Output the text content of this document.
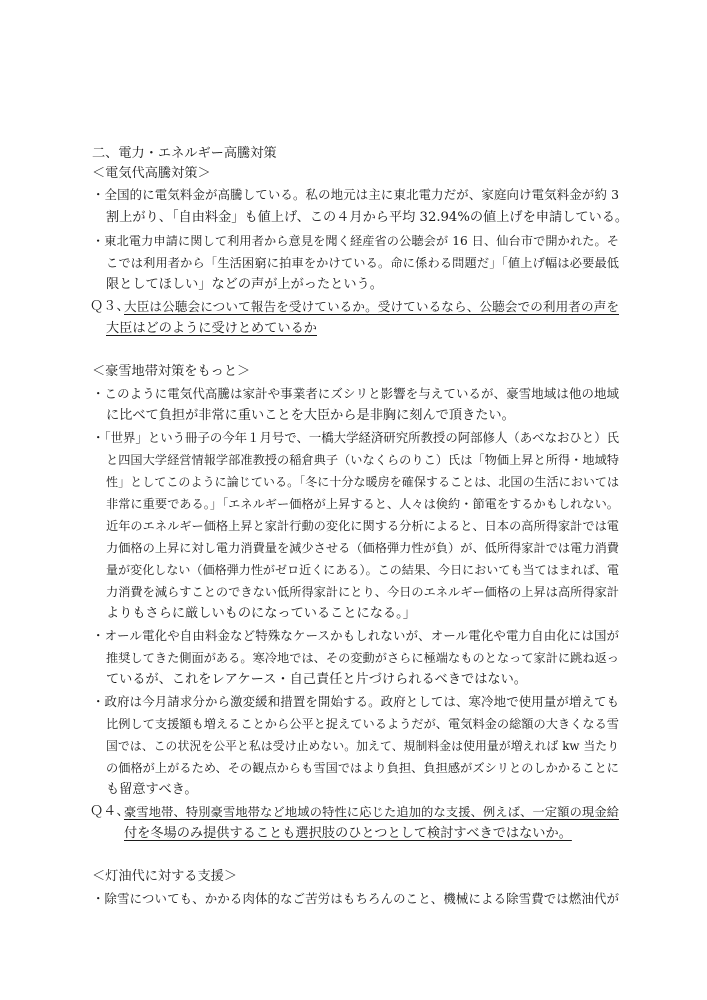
二、電力・エネルギー高騰対策
＜電気代高騰対策＞
・全国的に電気料金が高騰している。私の地元は主に東北電力だが、家庭向け電気料金が約 3
割上がり、「自由料金」も値上げ、この４月から平均 32.94%の値上げを申請している。
・東北電力申請に関して利用者から意見を聞く経産省の公聴会が 16 日、仙台市で開かれた。そ
こでは利用者から「生活困窮に拍車をかけている。命に係わる問題だ」「値上げ幅は必要最低
限としてほしい」などの声が上がったという。
Ｑ３、
大臣は公聴会について報告を受けているか。受けているなら、公聴会での利用者の声を
大臣はどのように受けとめているか
＜豪雪地帯対策をもっと＞
・このように電気代高騰は家計や事業者にズシリと影響を与えているが、豪雪地域は他の地域
に比べて負担が非常に重いことを大臣から是非胸に刻んで頂きたい。
・「世界」という冊子の今年１月号で、一橋大学経済研究所教授の阿部修人（あべなおひと）氏
と四国大学経営情報学部准教授の稲倉典子（いなくらのりこ）氏は「物価上昇と所得・地域特
性」としてこのように論じている。「冬に十分な暖房を確保することは、北国の生活においては
非常に重要である。」「エネルギー価格が上昇すると、人々は倹約・節電をするかもしれない。
近年のエネルギー価格上昇と家計行動の変化に関する分析によると、日本の高所得家計では電
力価格の上昇に対し電力消費量を減少させる（価格弾力性が負）が、低所得家計では電力消費
量が変化しない（価格弾力性がゼロ近くにある）。この結果、今日においても当てはまれば、電
力消費を減らすことのできない低所得家計にとり、今日のエネルギー価格の上昇は高所得家計
よりもさらに厳しいものになっていることになる。」
・オール電化や自由料金など特殊なケースかもしれないが、オール電化や電力自由化には国が
推奨してきた側面がある。寒冷地では、その変動がさらに極端なものとなって家計に跳ね返っ
ているが、これをレアケース・自己責任と片づけられるべきではない。
・政府は今月請求分から激変緩和措置を開始する。政府としては、寒冷地で使用量が増えても
比例して支援額も増えることから公平と捉えているようだが、電気料金の総額の大きくなる雪
国では、この状況を公平と私は受け止めない。加えて、規制料金は使用量が増えれば kw 当たり
の価格が上がるため、その観点からも雪国ではより負担、負担感がズシリとのしかかることに
も留意すべき。
Ｑ４、
豪雪地帯、特別豪雪地帯など地域の特性に応じた追加的な支援、例えば、一定額の現金給
付を冬場のみ提供することも選択肢のひとつとして検討すべきではないか。
＜灯油代に対する支援＞
・除雪についても、かかる肉体的なご苦労はもちろんのこと、機械による除雪費では燃油代が
